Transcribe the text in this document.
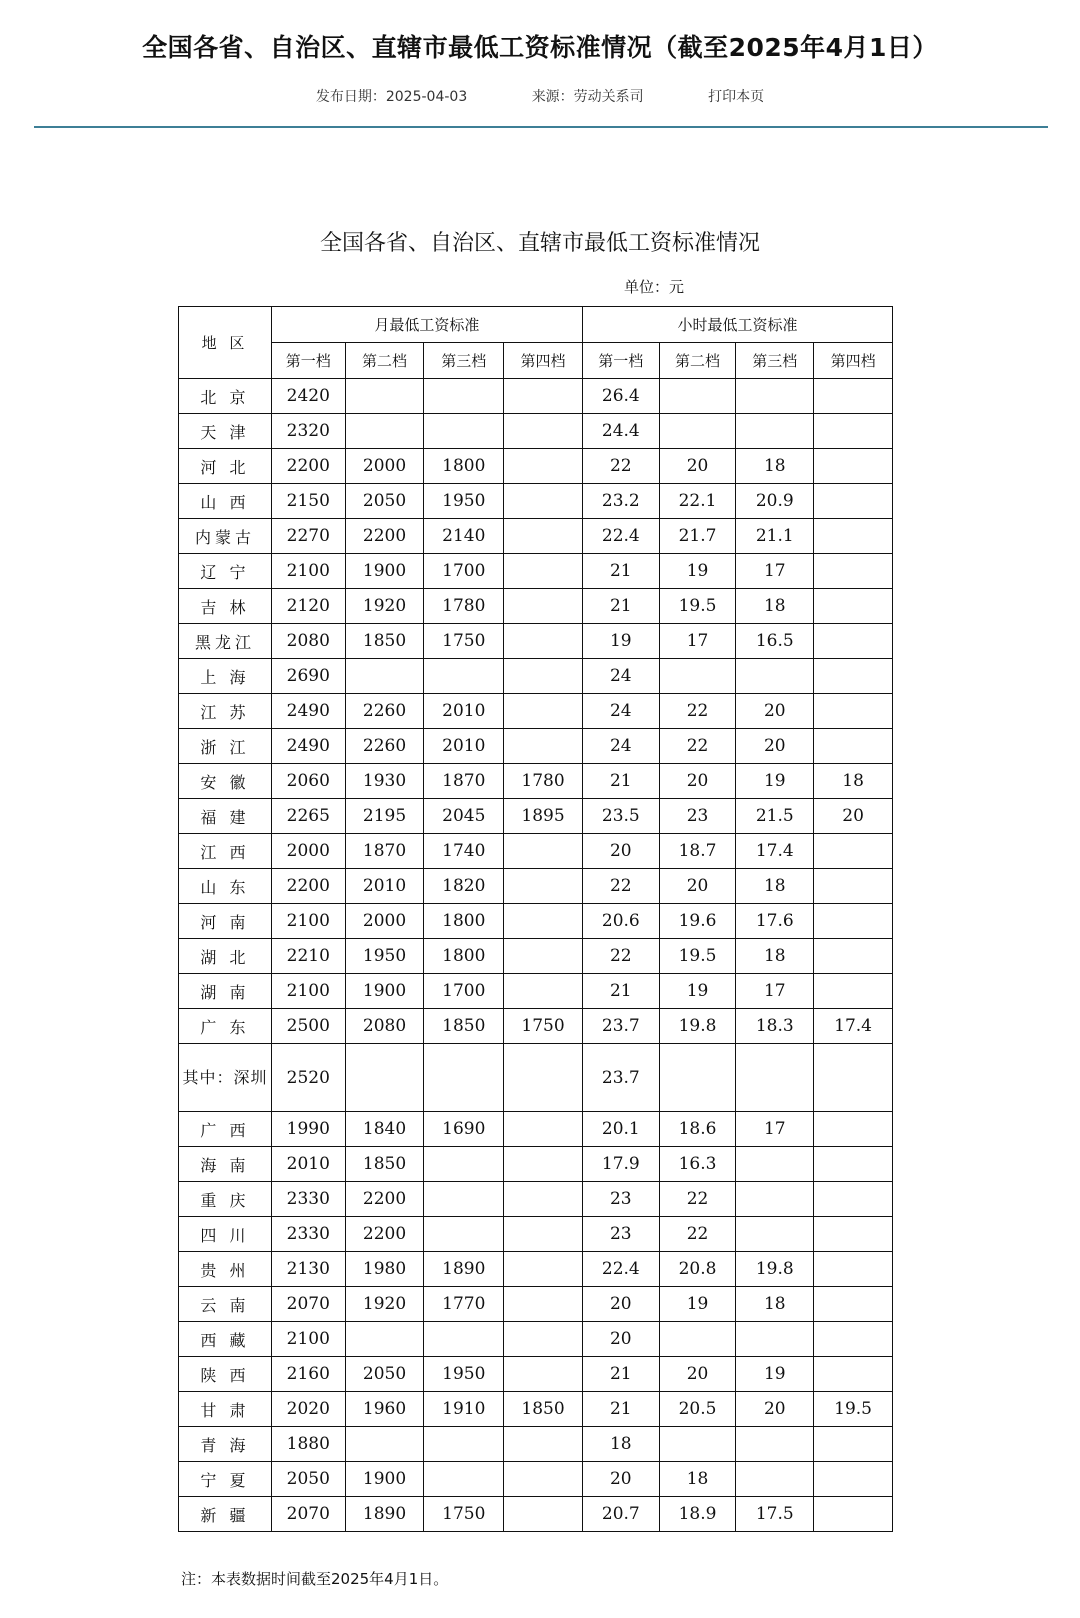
全国各省、自治区、直辖市最低工资标准情况（截至2025年4月1日）
发布日期：2025-04-03	来源：劳动关系司	打印本页
全国各省、自治区、直辖市最低工资标准情况
单位：元
地 区	月最低工资标准				小时最低工资标准			
	第一档	第二档	第三档	第四档	第一档	第二档	第三档	第四档
北 京	2420				26.4			
天 津	2320				24.4			
河 北	2200	2000	1800		22	20	18	
山 西	2150	2050	1950		23.2	22.1	20.9	
内蒙古	2270	2200	2140		22.4	21.7	21.1	
辽 宁	2100	1900	1700		21	19	17	
吉 林	2120	1920	1780		21	19.5	18	
黑龙江	2080	1850	1750		19	17	16.5	
上 海	2690				24			
江 苏	2490	2260	2010		24	22	20	
浙 江	2490	2260	2010		24	22	20	
安 徽	2060	1930	1870	1780	21	20	19	18
福 建	2265	2195	2045	1895	23.5	23	21.5	20
江 西	2000	1870	1740		20	18.7	17.4	
山 东	2200	2010	1820		22	20	18	
河 南	2100	2000	1800		20.6	19.6	17.6	
湖 北	2210	1950	1800		22	19.5	18	
湖 南	2100	1900	1700		21	19	17	
广 东	2500	2080	1850	1750	23.7	19.8	18.3	17.4
其中：深圳	2520				23.7			
广 西	1990	1840	1690		20.1	18.6	17	
海 南	2010	1850			17.9	16.3		
重 庆	2330	2200			23	22		
四 川	2330	2200			23	22		
贵 州	2130	1980	1890		22.4	20.8	19.8	
云 南	2070	1920	1770		20	19	18	
西 藏	2100				20			
陕 西	2160	2050	1950		21	20	19	
甘 肃	2020	1960	1910	1850	21	20.5	20	19.5
青 海	1880				18			
宁 夏	2050	1900			20	18		
新 疆	2070	1890	1750		20.7	18.9	17.5	
注：本表数据时间截至2025年4月1日。
